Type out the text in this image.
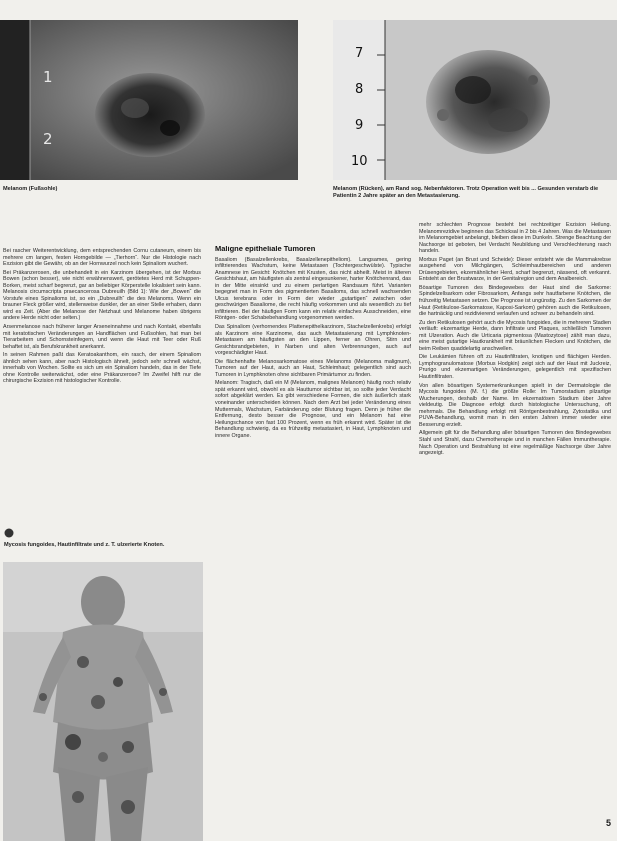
1
2
7
8
9
10
Melanom (Fußsohle)	Melanom (Rücken), am Rand sog. Nebenfaktoren. Trotz Operation weit bis ... Gesunden verstarb die Patientin 2 Jahre später an den Metastasierung.

Bei rascher Weiterentwicklung, dem entsprechenden Cornu cutaneum, einem bis mehrere cm langen, festen Horngebilde — „Tierhorn“. Nur die Histologie nach Exzision gibt die Gewähr, ob an der Hornwurzel noch kein Spinaliom wuchert.

Bei Präkanzerosen, die unbehandelt in ein Karzinom übergehen, ist der Morbus Bowen (schon besser), wie nicht erwähnenswert, gerötetes Herd mit Schuppen-Borken, meist scharf begrenzt, gar an beliebiger Körperstelle lokalisiert sein kann. Melanosis circumscripta praecancerosa Dubreuilh (Bild 1): Wie der „Bowen“ die Vorstufe eines Spinalioms ist, so ein „Dubreuilh“ die des Melanoms. Wenn ein brauner Fleck größer wird, stellenweise dunkler, der an einer Stelle erhaben, dann wird es Zeit. (Aber die Melanose der Netzhaut und Melanome haben übrigens andere Herde nicht oder selten.)

Arsenmelanose nach früherer langer Arseneinnahme und nach Kontakt, ebenfalls mit keratotischen Veränderungen an Handflächen und Fußsohlen, hat man bei Tierarbeitern und Schornsteinfegern, und wenn die Haut mit Teer oder Ruß behaftet ist, als Berufskrankheit anerkannt.

In seinen Rahmen paßt das Keratoakanthom, ein rasch, der einem Spinaliom ähnlich sehen kann, aber nach Histologisch ähnelt, jedoch sehr schnell wächst, innerhalb von Wochen. Sollte es sich um ein Spinaliom handeln, das in der Tiefe ohne Kontrolle weiterwächst, oder eine Präkanzerose? Im Zweifel hilft nur die chirurgische Exzision mit histologischer Kontrolle.

Mycosis fungoides, Hautinfiltrate und z. T. ulzerierte Knoten.
Maligne epitheliale Tumoren

Basaliom (Basalzellenkrebs, Basalzellenepitheliom). Langsames, gering infiltrierendes Wachstum, keine Metastasen (Tochtergeschwülste). Typische Anamnese im Gesicht: Knötchen mit Krusten, das nicht abheilt. Meist in älteren Gesichtshaut, am häufigsten als zentral eingesunkener, harter Knötchenrand, das in der Mitte einsinkt und zu einem perlartigen Randsaum führt. Varianten begegnet man in Form des pigmentierten Basalioms, das schnell wachsenden Ulcus terebrans oder in Form der wieder „gutartigen“ zwischen oder geschwürigen Basaliome, die recht häufig vorkommen und als wesentlich zu tief infiltrieren. Bei der häufigen Form kann ein relativ einfaches Ausschneiden, eine Röntgen- oder Schabebehandlung vorgenommen werden.

Das Spinaliom (verhornendes Plattenepithelkarzinom, Stachelzellenkrebs) erfolgt als Karzinom eine Karzinome, das auch Metastasierung mit Lymphknoten-Metastasen am häufigsten an den Lippen, ferner an Ohren, Stirn und Gesichtsrandgebieten, in Narben und alten Verbrennungen, auch auf vorgeschädigter Haut.

Die flächenhafte Melanosarkomatose eines Melanoms (Melanoma malignum), Tumoren auf der Haut, auch an Haut, Schleimhaut; gelegentlich sind auch Tumoren in Lymphknoten ohne sichtbaren Primärtumor zu finden.

Melanom: Tragisch, daß ein M (Melanom, malignes Melanom) häufig noch relativ spät erkannt wird, obwohl es als Hauttumor sichtbar ist, so sollte jeder Verdacht sofort abgeklärt werden. Es gibt verschiedene Formen, die sich äußerlich stark voneinander unterscheiden können. Nach dem Arzt bei jeder Veränderung eines Muttermals, Wachstum, Farbänderung oder Blutung fragen. Denn je früher die Entfernung, desto besser die Prognose, und ein Melanom hat eine Heilungschance von fast 100 Prozent, wenn es früh erkannt wird. Später ist die Behandlung schwierig, da es frühzeitig metastasiert, in Haut, Lymphknoten und innere Organe.

mehr schlechten Prognose besteht bei rechtzeitiger Exzision Heilung. Melanomrezidive beginnen das Schicksal in 2 bis 4 Jahren. Was die Metastasen im Melanomgebiet anbelangt, bleiben diese im Dunkeln. Strenge Beachtung der Nachsorge ist geboten, bei Verdacht Neubildung und Verschlechterung rasch handeln.

Morbus Paget (an Brust und Scheide): Dieser entsteht wie die Mammakrebse ausgehend von Milchgängen, Schleimhautbereichen und anderen Drüsengebieten, ekzemähnlicher Herd, scharf begrenzt, nässend, oft verkannt. Entsteht an der Brustwarze, in der Genitalregion und dem Analbereich.

Bösartige Tumoren des Bindegewebes der Haut sind die Sarkome: Spindelzellsarkom oder Fibrosarkom, Anfangs sehr hautfarbene Knötchen, die frühzeitig Metastasen setzen. Die Prognose ist ungünstig. Zu den Sarkomen der Haut (Retikulose-Sarkomatose, Kaposi-Sarkom) gehören auch die Retikulosen, die hartnäckig und rezidivierend verlaufen und schwer zu behandeln sind.

Zu den Retikulosen gehört auch die Mycosis fungoides, die in mehreren Stadien verläuft: ekzemartige Herde, dann Infiltrate und Plaques, schließlich Tumoren mit Ulzeration. Auch die Urticaria pigmentosa (Mastozytose) zählt man dazu, eine meist gutartige Hautkrankheit mit bräunlichen Flecken und Knötchen, die beim Reiben quaddelartig anschwellen.

Die Leukämien führen oft zu Hautinfiltraten, knotigen und flächigen Herden. Lymphogranulomatose (Morbus Hodgkin) zeigt sich auf der Haut mit Juckreiz, Prurigo und ekzemartigen Veränderungen, gelegentlich mit spezifischen Hautinfiltraten.

Von allen bösartigen Systemerkrankungen spielt in der Dermatologie die Mycosis fungoides (M. f.) die größte Rolle: Im Tumorstadium pilzartige Wucherungen, deshalb der Name. Im ekzematösen Stadium über Jahre vieldeutig. Die Diagnose erfolgt durch histologische Untersuchung, oft mehrmals. Die Behandlung erfolgt mit Röntgenbestrahlung, Zytostatika und PUVA-Behandlung, womit man in den ersten Jahren immer wieder eine Besserung erzielt.

Allgemein gilt für die Behandlung aller bösartigen Tumoren des Bindegewebes Stahl und Strahl, dazu Chemotherapie und in manchen Fällen Immuntherapie. Nach Operation und Bestrahlung ist eine regelmäßige Nachsorge über Jahre angezeigt.

5
